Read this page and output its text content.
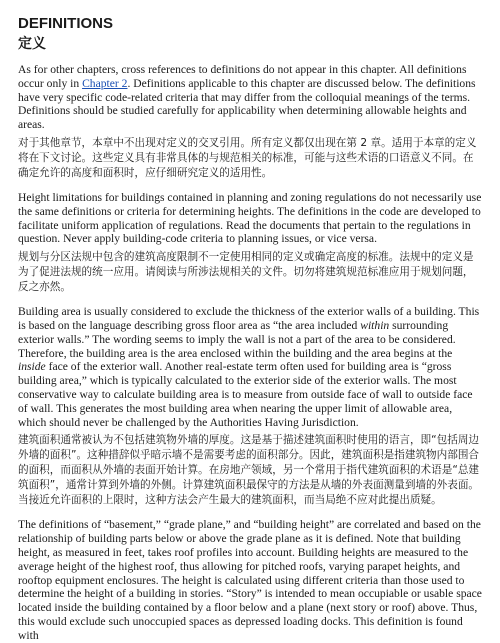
DEFINITIONS
定义

As for other chapters, cross references to definitions do not appear in this chapter. All definitions occur only in Chapter 2. Definitions applicable to this chapter are discussed below. The definitions have very specific code-related criteria that may differ from the colloquial meanings of the terms. Definitions should be studied carefully for applicability when determining allowable heights and areas.

对于其他章节，本章中不出现对定义的交叉引用。所有定义都仅出现在第 2 章。适用于本章的定义将在下文讨论。这些定义具有非常具体的与规范相关的标准，可能与这些术语的口语意义不同。在确定允许的高度和面积时，应仔细研究定义的适用性。

Height limitations for buildings contained in planning and zoning regulations do not necessarily use the same definitions or criteria for determining heights. The definitions in the code are developed to facilitate uniform application of regulations. Read the documents that pertain to the regulations in question. Never apply building-code criteria to planning issues, or vice versa.

规划与分区法规中包含的建筑高度限制不一定使用相同的定义或确定高度的标准。法规中的定义是为了促进法规的统一应用。请阅读与所涉法规相关的文件。切勿将建筑规范标准应用于规划问题，反之亦然。

Building area is usually considered to exclude the thickness of the exterior walls of a building. This is based on the language describing gross floor area as “the area included within surrounding exterior walls.” The wording seems to imply the wall is not a part of the area to be considered. Therefore, the building area is the area enclosed within the building and the area begins at the inside face of the exterior wall. Another real-estate term often used for building area is “gross building area,” which is typically calculated to the exterior side of the exterior walls. The most conservative way to calculate building area is to measure from outside face of wall to outside face of wall. This generates the most building area when nearing the upper limit of allowable area, which should never be challenged by the Authorities Having Jurisdiction.

建筑面积通常被认为不包括建筑物外墙的厚度。这是基于描述建筑面积时使用的语言，即“包括周边外墙的面积”。这种措辞似乎暗示墙不是需要考虑的面积部分。因此，建筑面积是指建筑物内部围合的面积，而面积从外墙的表面开始计算。在房地产领域，另一个常用于指代建筑面积的术语是“总建筑面积”，通常计算到外墙的外侧。计算建筑面积最保守的方法是从墙的外表面测量到墙的外表面。当接近允许面积的上限时，这种方法会产生最大的建筑面积，而当局绝不应对此提出质疑。

The definitions of “basement,” “grade plane,” and “building height” are correlated and based on the relationship of building parts below or above the grade plane as it is defined. Note that building height, as measured in feet, takes roof profiles into account. Building heights are measured to the average height of the highest roof, thus allowing for pitched roofs, varying parapet heights, and rooftop equipment enclosures. The height is calculated using different criteria than those used to determine the height of a building in stories. “Story” is intended to mean occupiable or usable space located inside the building contained by a floor below and a plane (next story or roof) above. Thus, this would exclude such unoccupied spaces as depressed loading docks. This definition is found with
